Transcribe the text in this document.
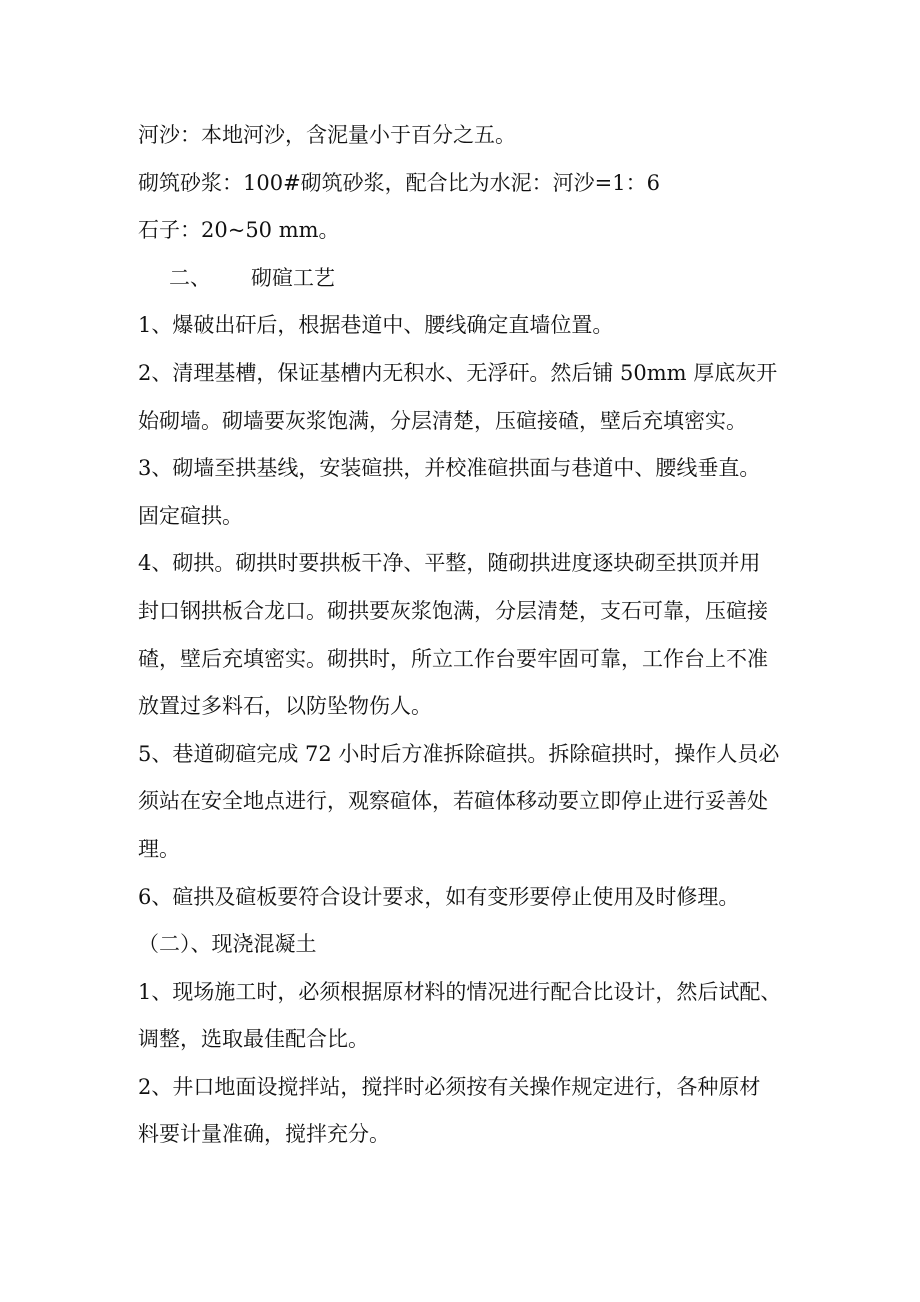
河沙：本地河沙，含泥量小于百分之五。
砌筑砂浆：100#砌筑砂浆，配合比为水泥：河沙=1：6
石子：20~50 mm。
二、 砌碹工艺
1、爆破出矸后，根据巷道中、腰线确定直墙位置。
2、清理基槽，保证基槽内无积水、无浮矸。然后铺 50mm 厚底灰开
始砌墙。砌墙要灰浆饱满，分层清楚，压碹接碴，壁后充填密实。
3、砌墙至拱基线，安装碹拱，并校准碹拱面与巷道中、腰线垂直。
固定碹拱。
4、砌拱。砌拱时要拱板干净、平整，随砌拱进度逐块砌至拱顶并用
封口钢拱板合龙口。砌拱要灰浆饱满，分层清楚，支石可靠，压碹接
碴，壁后充填密实。砌拱时，所立工作台要牢固可靠，工作台上不准
放置过多料石，以防坠物伤人。
5、巷道砌碹完成 72 小时后方准拆除碹拱。拆除碹拱时，操作人员必
须站在安全地点进行，观察碹体，若碹体移动要立即停止进行妥善处
理。
6、碹拱及碹板要符合设计要求，如有变形要停止使用及时修理。
（二）、现浇混凝土
1、现场施工时，必须根据原材料的情况进行配合比设计，然后试配、
调整，选取最佳配合比。
2、井口地面设搅拌站，搅拌时必须按有关操作规定进行，各种原材
料要计量准确，搅拌充分。
